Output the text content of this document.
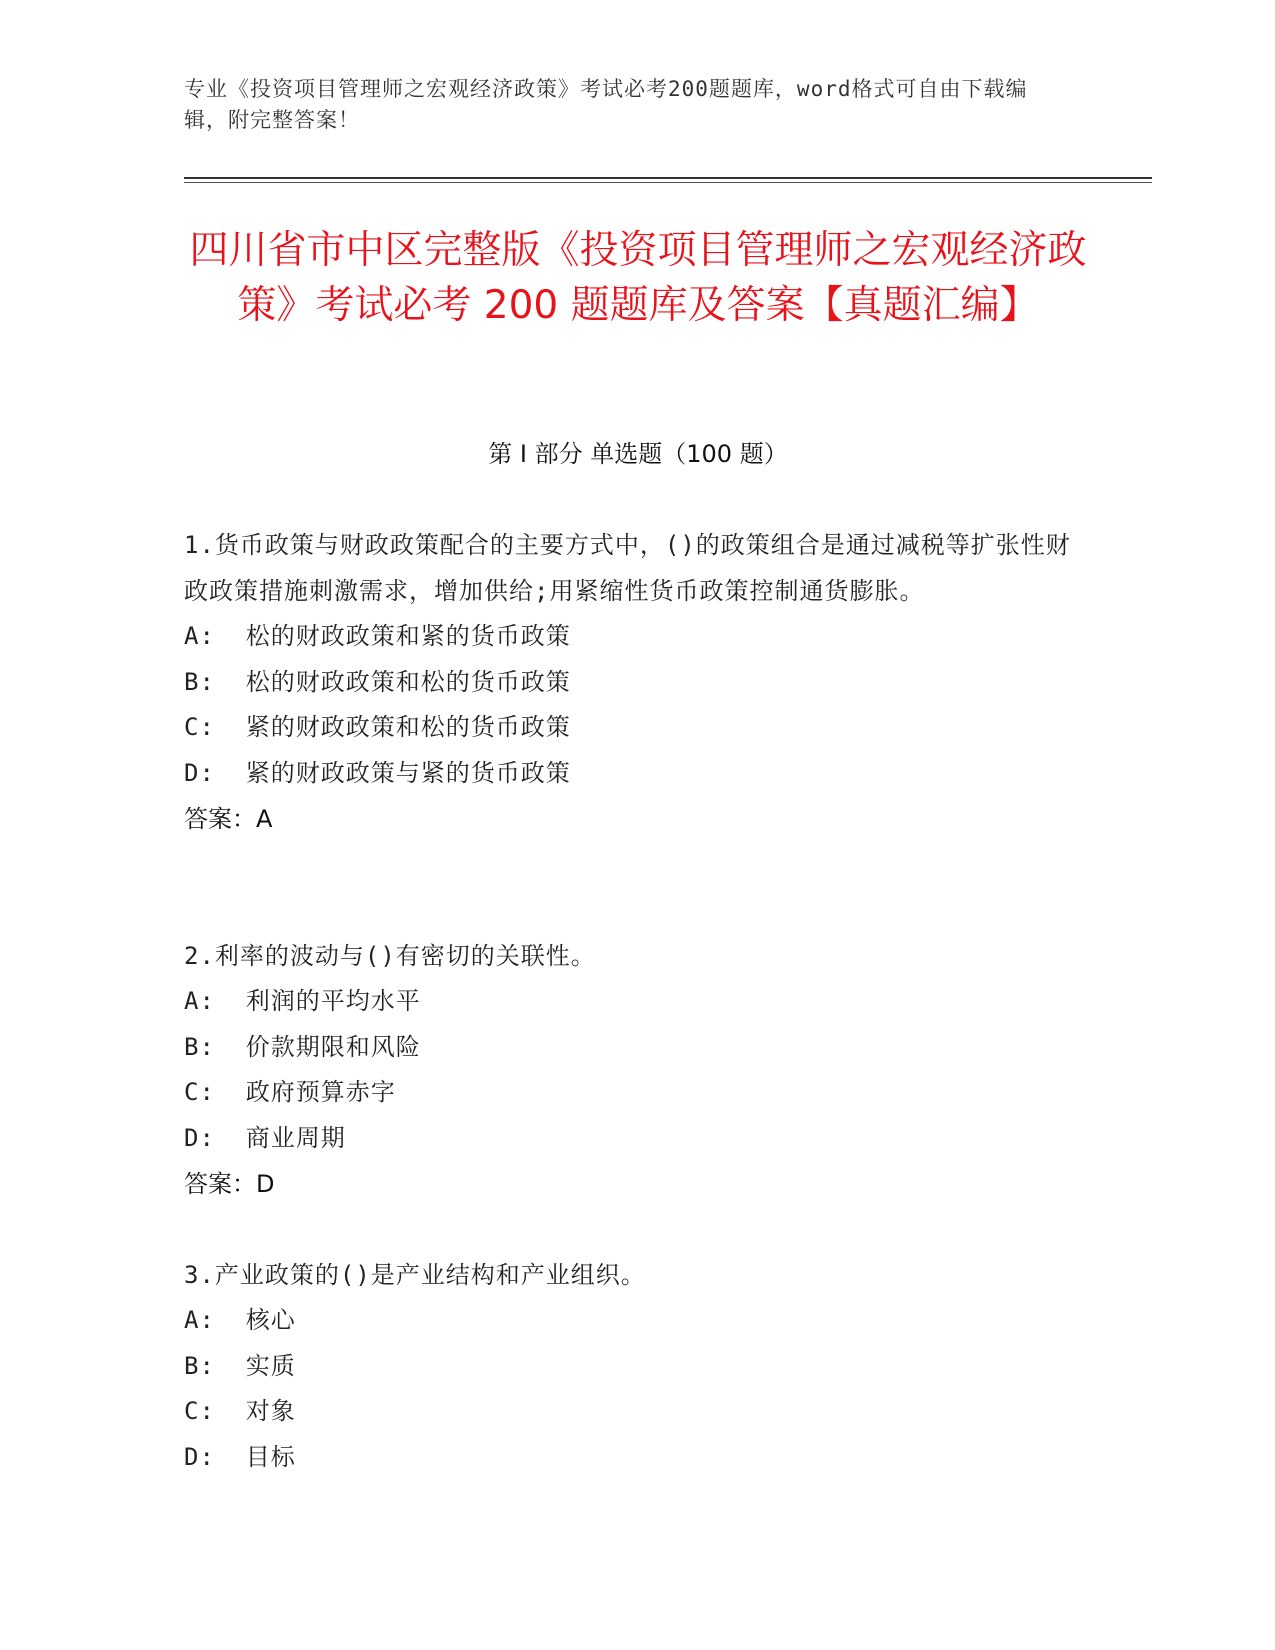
专业《投资项目管理师之宏观经济政策》考试必考200题题库，word格式可自由下载编辑，附完整答案！
四川省市中区完整版《投资项目管理师之宏观经济政策》考试必考 200 题题库及答案【真题汇编】
第 I 部分 单选题（100 题）

1.货币政策与财政政策配合的主要方式中，()的政策组合是通过减税等扩张性财政政策措施刺激需求，增加供给;用紧缩性货币政策控制通货膨胀。

A:  松的财政政策和紧的货币政策

B:  松的财政政策和松的货币政策

C:  紧的财政政策和松的货币政策

D:  紧的财政政策与紧的货币政策

答案：A

2.利率的波动与()有密切的关联性。

A:  利润的平均水平

B:  价款期限和风险

C:  政府预算赤字

D:  商业周期

答案：D

3.产业政策的()是产业结构和产业组织。

A:  核心

B:  实质

C:  对象

D:  目标
